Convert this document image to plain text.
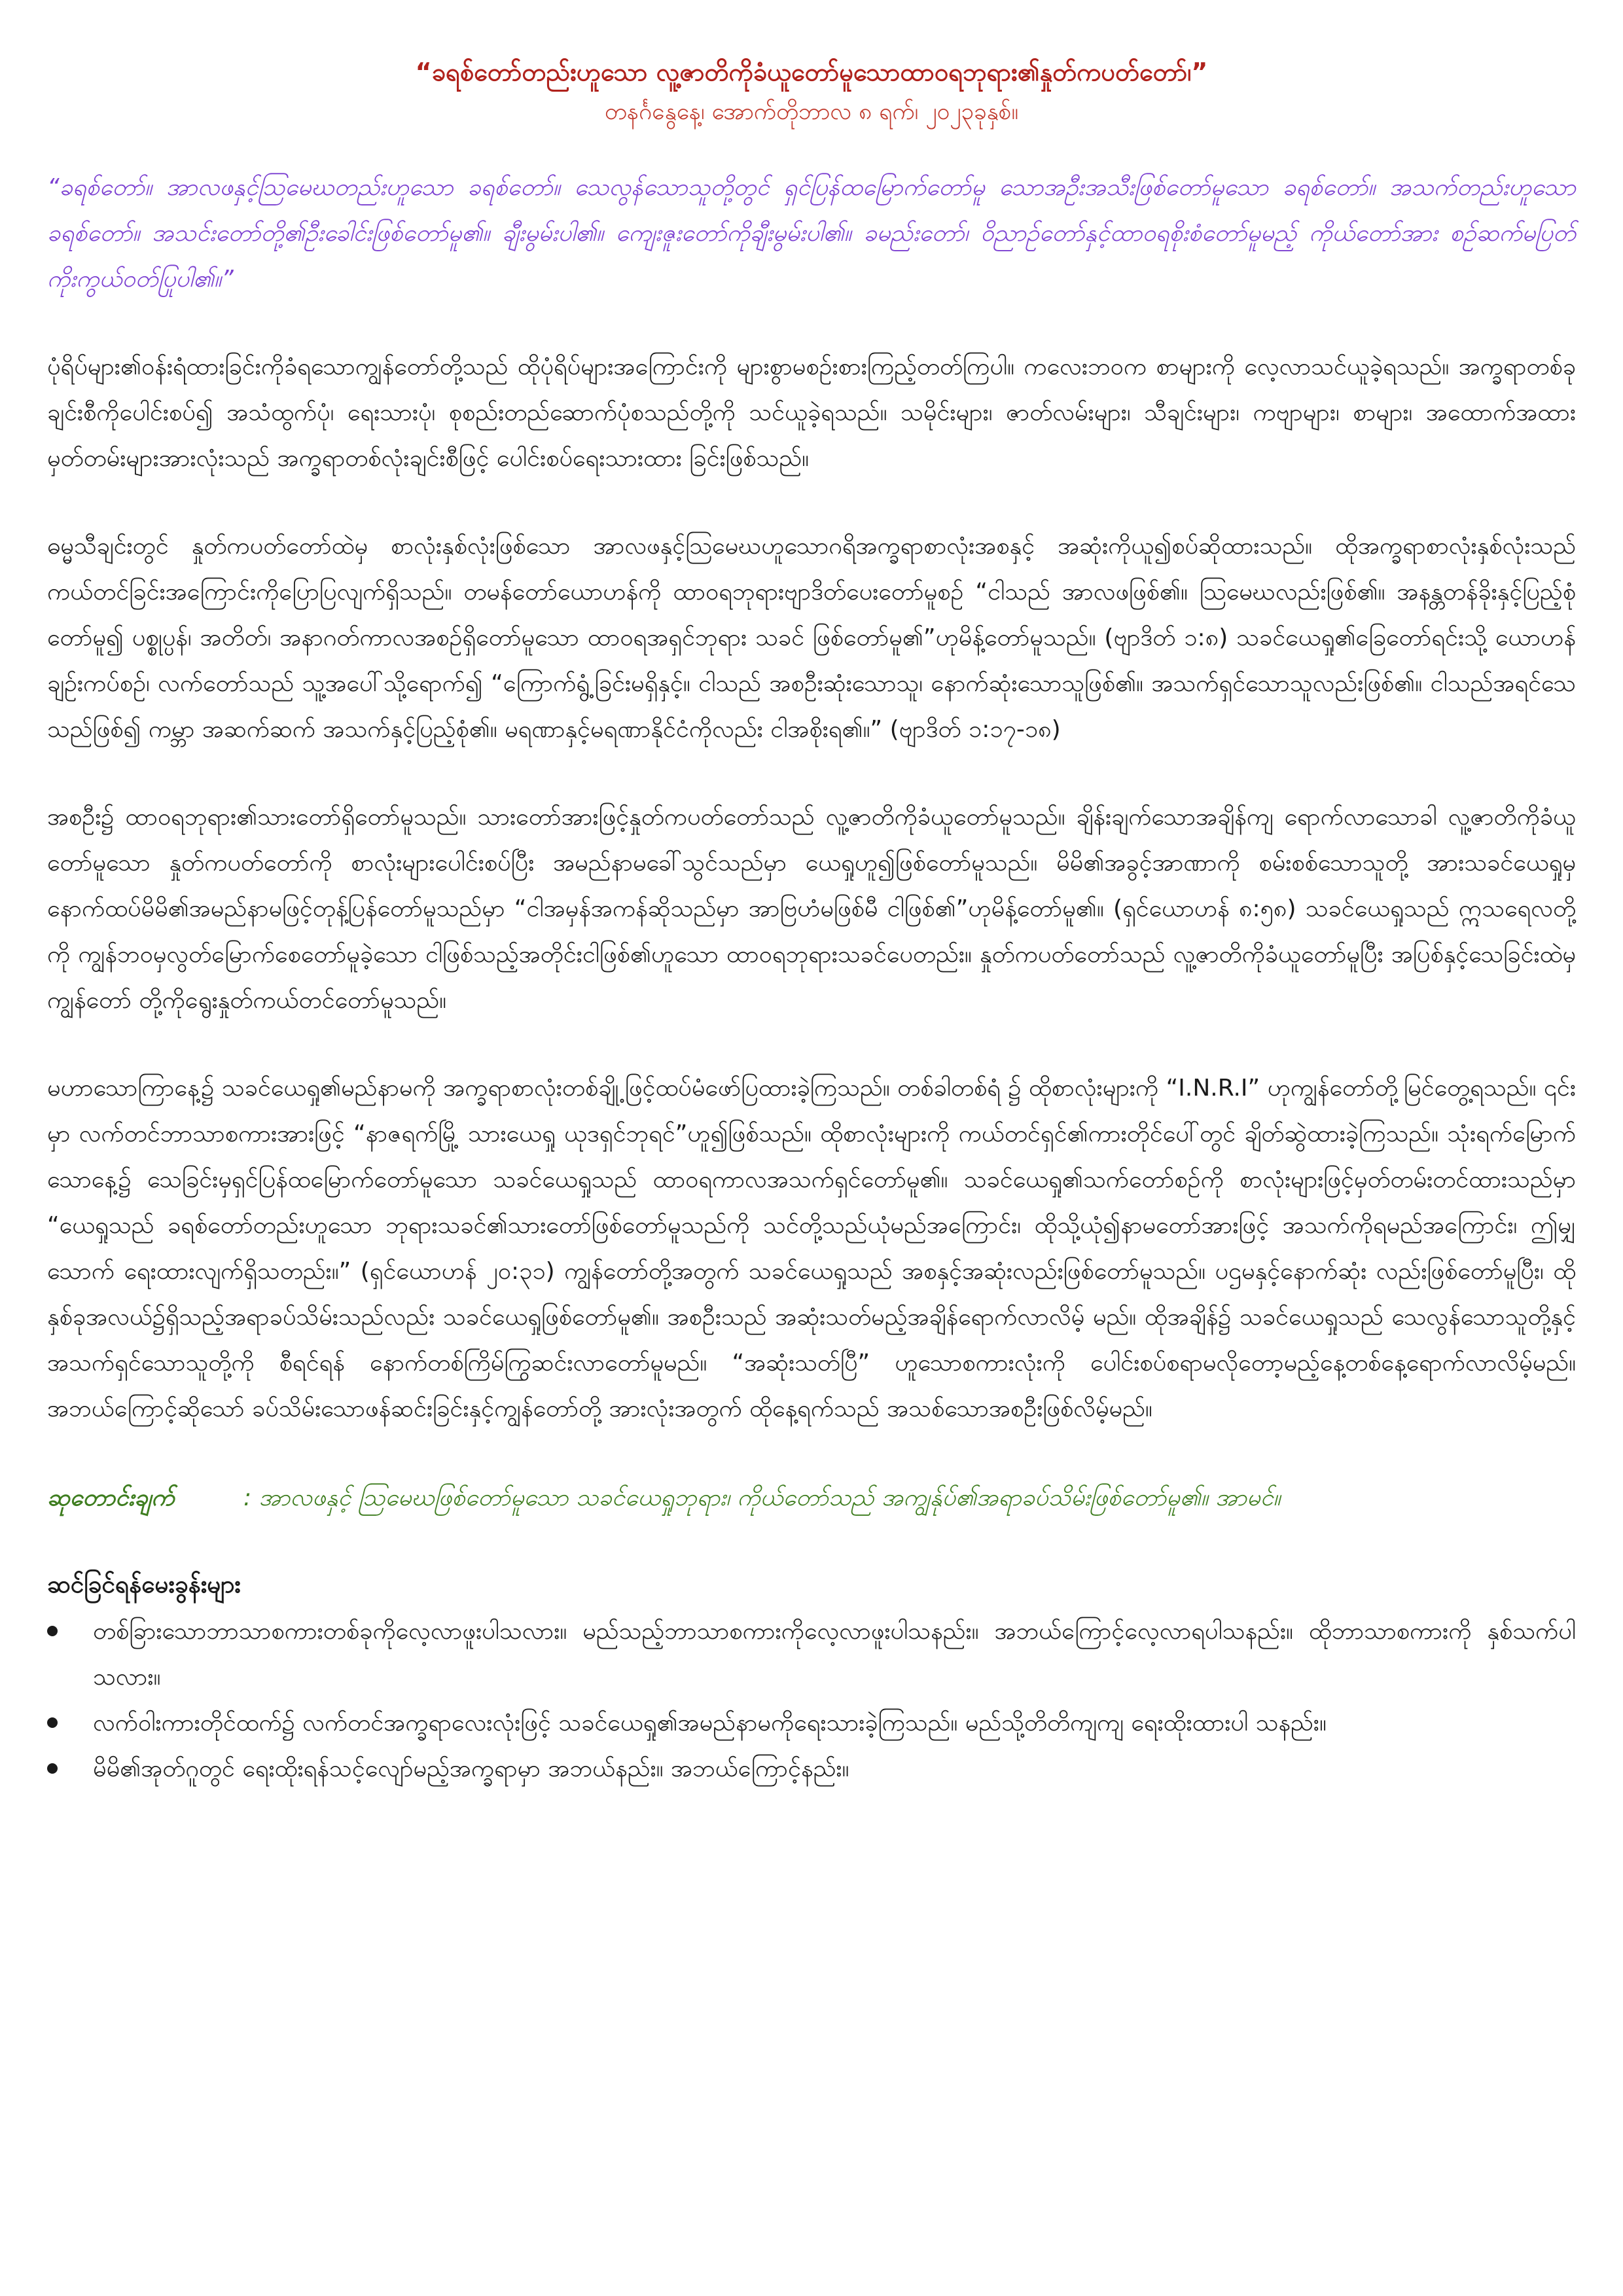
“ခရစ်တော်တည်းဟူသော လူ့ဇာတိကိုခံယူတော်မူသောထာဝရဘုရား၏နှုတ်ကပတ်တော်၊”

တနင်္ဂနွေနေ့၊ အောက်တိုဘာလ ၈ ရက်၊ ၂၀၂၃ခုနှစ်။

“ခရစ်တော်။ အာလဖနှင့်ဩမေဃတည်းဟူသော ခရစ်တော်။ သေလွန်သောသူတို့တွင် ရှင်ပြန်ထမြောက်တော်မူ သောအဦးအသီးဖြစ်တော်မူသော ခရစ်တော်။ အသက်တည်းဟူသောခရစ်တော်။ အသင်းတော်တို့၏ဦးခေါင်းဖြစ်တော်မူ၏။ ချီးမွမ်းပါ၏။ ကျေးဇူးတော်ကိုချီးမွမ်းပါ၏။ ခမည်းတော်၊ ဝိညာဉ်တော်နှင့်ထာဝရစိုးစံတော်မူမည့် ကိုယ်တော်အား စဉ်ဆက်မပြတ်ကိုးကွယ်ဝတ်ပြုပါ၏။”

ပုံရိပ်များ၏ဝန်းရံထားခြင်းကိုခံရသောကျွန်တော်တို့သည် ထိုပုံရိပ်များအကြောင်းကို များစွာမစဉ်းစားကြည့်တတ်ကြပါ။ ကလေးဘဝက စာများကို လေ့လာသင်ယူခဲ့ရသည်။ အက္ခရာတစ်ခုချင်းစီကိုပေါင်းစပ်၍ အသံထွက်ပုံ၊ ရေးသားပုံ၊ စုစည်းတည်ဆောက်ပုံစသည်တို့ကို သင်ယူခဲ့ရသည်။ သမိုင်းများ၊ ဇာတ်လမ်းများ၊ သီချင်းများ၊ ကဗျာများ၊ စာများ၊ အထောက်အထားမှတ်တမ်းများအားလုံးသည် အက္ခရာတစ်လုံးချင်းစီဖြင့် ပေါင်းစပ်ရေးသားထား ခြင်းဖြစ်သည်။

ဓမ္မသီချင်းတွင် နှုတ်ကပတ်တော်ထဲမှ စာလုံးနှစ်လုံးဖြစ်သော အာလဖနှင့်ဩမေဃဟူသောဂရိအက္ခရာစာလုံးအစနှင့် အဆုံးကိုယူ၍စပ်ဆိုထားသည်။ ထိုအက္ခရာစာလုံးနှစ်လုံးသည် ကယ်တင်ခြင်းအကြောင်းကိုပြောပြလျက်ရှိသည်။ တမန်တော်ယောဟန်ကို ထာဝရဘုရားဗျာဒိတ်ပေးတော်မူစဉ် “ငါသည် အာလဖဖြစ်၏။ ဩမေဃလည်းဖြစ်၏။ အနန္တတန်ခိုးနှင့်ပြည့်စုံတော်မူ၍ ပစ္စုပ္ပန်၊ အတိတ်၊ အနာဂတ်ကာလအစဉ်ရှိတော်မူသော ထာဝရအရှင်ဘုရား သခင် ဖြစ်တော်မူ၏”ဟုမိန့်တော်မူသည်။ (ဗျာဒိတ် ၁:၈) သခင်ယေရှု၏ခြေတော်ရင်းသို့ ယောဟန်ချဉ်းကပ်စဉ်၊ လက်တော်သည် သူ့အပေါ်သို့ရောက်၍ “ကြောက်ရွံ့ခြင်းမရှိနှင့်။ ငါသည် အစဦးဆုံးသောသူ၊ နောက်ဆုံးသောသူဖြစ်၏။ အသက်ရှင်သောသူလည်းဖြစ်၏။ ငါသည်အရင်သေသည်ဖြစ်၍ ကမ္ဘာ အဆက်ဆက် အသက်နှင့်ပြည့်စုံ၏။ မရဏာနှင့်မရဏာနိုင်ငံကိုလည်း ငါအစိုးရ၏။” (ဗျာဒိတ် ၁:၁၇-၁၈)

အစဦး၌ ထာဝရဘုရား၏သားတော်ရှိတော်မူသည်။ သားတော်အားဖြင့်နှုတ်ကပတ်တော်သည် လူ့ဇာတိကိုခံယူတော်မူသည်။ ချိန်းချက်သောအချိန်ကျ ရောက်လာသောခါ လူ့ဇာတိကိုခံယူတော်မူသော နှုတ်ကပတ်တော်ကို စာလုံးများပေါင်းစပ်ပြီး အမည်နာမခေါ်သွင်သည်မှာ ယေရှုဟူ၍ဖြစ်တော်မူသည်။ မိမိ၏အခွင့်အာဏာကို စမ်းစစ်သောသူတို့ အားသခင်ယေရှုမှ နောက်ထပ်မိမိ၏အမည်နာမဖြင့်တုန့်ပြန်တော်မူသည်မှာ “ငါအမှန်အကန်ဆိုသည်မှာ အာဗြဟံမဖြစ်မီ ငါဖြစ်၏”ဟုမိန့်တော်မူ၏။ (ရှင်ယောဟန် ၈:၅၈) သခင်ယေရှုသည် ဣသရေလတို့ကို ကျွန်ဘဝမှလွတ်မြောက်စေတော်မူခဲ့သော ငါဖြစ်သည့်အတိုင်းငါဖြစ်၏ဟူသော ထာဝရဘုရားသခင်ပေတည်း။ နှုတ်ကပတ်တော်သည် လူ့ဇာတိကိုခံယူတော်မူပြီး အပြစ်နှင့်သေခြင်းထဲမှ ကျွန်တော် တို့ကိုရွေးနှုတ်ကယ်တင်တော်မူသည်။

မဟာသောကြာနေ့၌ သခင်ယေရှု၏မည်နာမကို အက္ခရာစာလုံးတစ်ချို့ဖြင့်ထပ်မံဖော်ပြထားခဲ့ကြသည်။ တစ်ခါတစ်ရံ ၌ ထိုစာလုံးများကို “I.N.R.I” ဟုကျွန်တော်တို့မြင်တွေ့ရသည်။ ၎င်းမှာ လက်တင်ဘာသာစကားအားဖြင့် “နာဇရက်မြို့ သားယေရှု ယုဒရှင်ဘုရင်”ဟူ၍ဖြစ်သည်။ ထိုစာလုံးများကို ကယ်တင်ရှင်၏ကားတိုင်ပေါ်တွင် ချိတ်ဆွဲထားခဲ့ကြသည်။ သုံးရက်မြောက်သောနေ့၌ သေခြင်းမှရှင်ပြန်ထမြောက်တော်မူသော သခင်ယေရှုသည် ထာဝရကာလအသက်ရှင်တော်မူ၏။ သခင်ယေရှု၏သက်တော်စဉ်ကို စာလုံးများဖြင့်မှတ်တမ်းတင်ထားသည်မှာ “ယေရှုသည် ခရစ်တော်တည်းဟူသော ဘုရားသခင်၏သားတော်ဖြစ်တော်မူသည်ကို သင်တို့သည်ယုံမည်အကြောင်း၊ ထိုသို့ယုံ၍နာမတော်အားဖြင့် အသက်ကိုရမည်အကြောင်း၊ ဤမျှသောက် ရေးထားလျက်ရှိသတည်း။” (ရှင်ယောဟန် ၂၀:၃၁) ကျွန်တော်တို့အတွက် သခင်ယေရှုသည် အစနှင့်အဆုံးလည်းဖြစ်တော်မူသည်။ ပဌမနှင့်နောက်ဆုံး လည်းဖြစ်တော်မူပြီး၊ ထိုနှစ်ခုအလယ်၌ရှိသည့်အရာခပ်သိမ်းသည်လည်း သခင်ယေရှုဖြစ်တော်မူ၏။ အစဦးသည် အဆုံးသတ်မည့်အချိန်ရောက်လာလိမ့် မည်။ ထိုအချိန်၌ သခင်ယေရှုသည် သေလွန်သောသူတို့နှင့်အသက်ရှင်သောသူတို့ကို စီရင်ရန် နောက်တစ်ကြိမ်ကြွဆင်းလာတော်မူမည်။ “အဆုံးသတ်ပြီ” ဟူသောစကားလုံးကို ပေါင်းစပ်စရာမလိုတော့မည့်နေ့တစ်နေ့ရောက်လာလိမ့်မည်။ အဘယ်ကြောင့်ဆိုသော် ခပ်သိမ်းသောဖန်ဆင်းခြင်းနှင့်ကျွန်တော်တို့ အားလုံးအတွက် ထိုနေ့ရက်သည် အသစ်သောအစဦးဖြစ်လိမ့်မည်။

ဆုတောင်းချက်	: အာလဖနှင့် ဩမေဃဖြစ်တော်မူသော သခင်ယေရှုဘုရား၊ ကိုယ်တော်သည် အကျွန်ုပ်၏အရာခပ်သိမ်းဖြစ်တော်မူ၏။ အာမင်။
ဆင်ခြင်ရန်မေးခွန်းများ
တစ်ခြားသောဘာသာစကားတစ်ခုကိုလေ့လာဖူးပါသလား။ မည်သည့်ဘာသာစကားကိုလေ့လာဖူးပါသနည်း။ အဘယ်ကြောင့်လေ့လာရပါသနည်း။ ထိုဘာသာစကားကို နှစ်သက်ပါသလား။
လက်ဝါးကားတိုင်ထက်၌ လက်တင်အက္ခရာလေးလုံးဖြင့် သခင်ယေရှု၏အမည်နာမကိုရေးသားခဲ့ကြသည်။ မည်သို့တိတိကျကျ ရေးထိုးထားပါ သနည်း။
မိမိ၏အုတ်ဂူတွင် ရေးထိုးရန်သင့်လျော်မည့်အက္ခရာမှာ အဘယ်နည်း။ အဘယ်ကြောင့်နည်း။
